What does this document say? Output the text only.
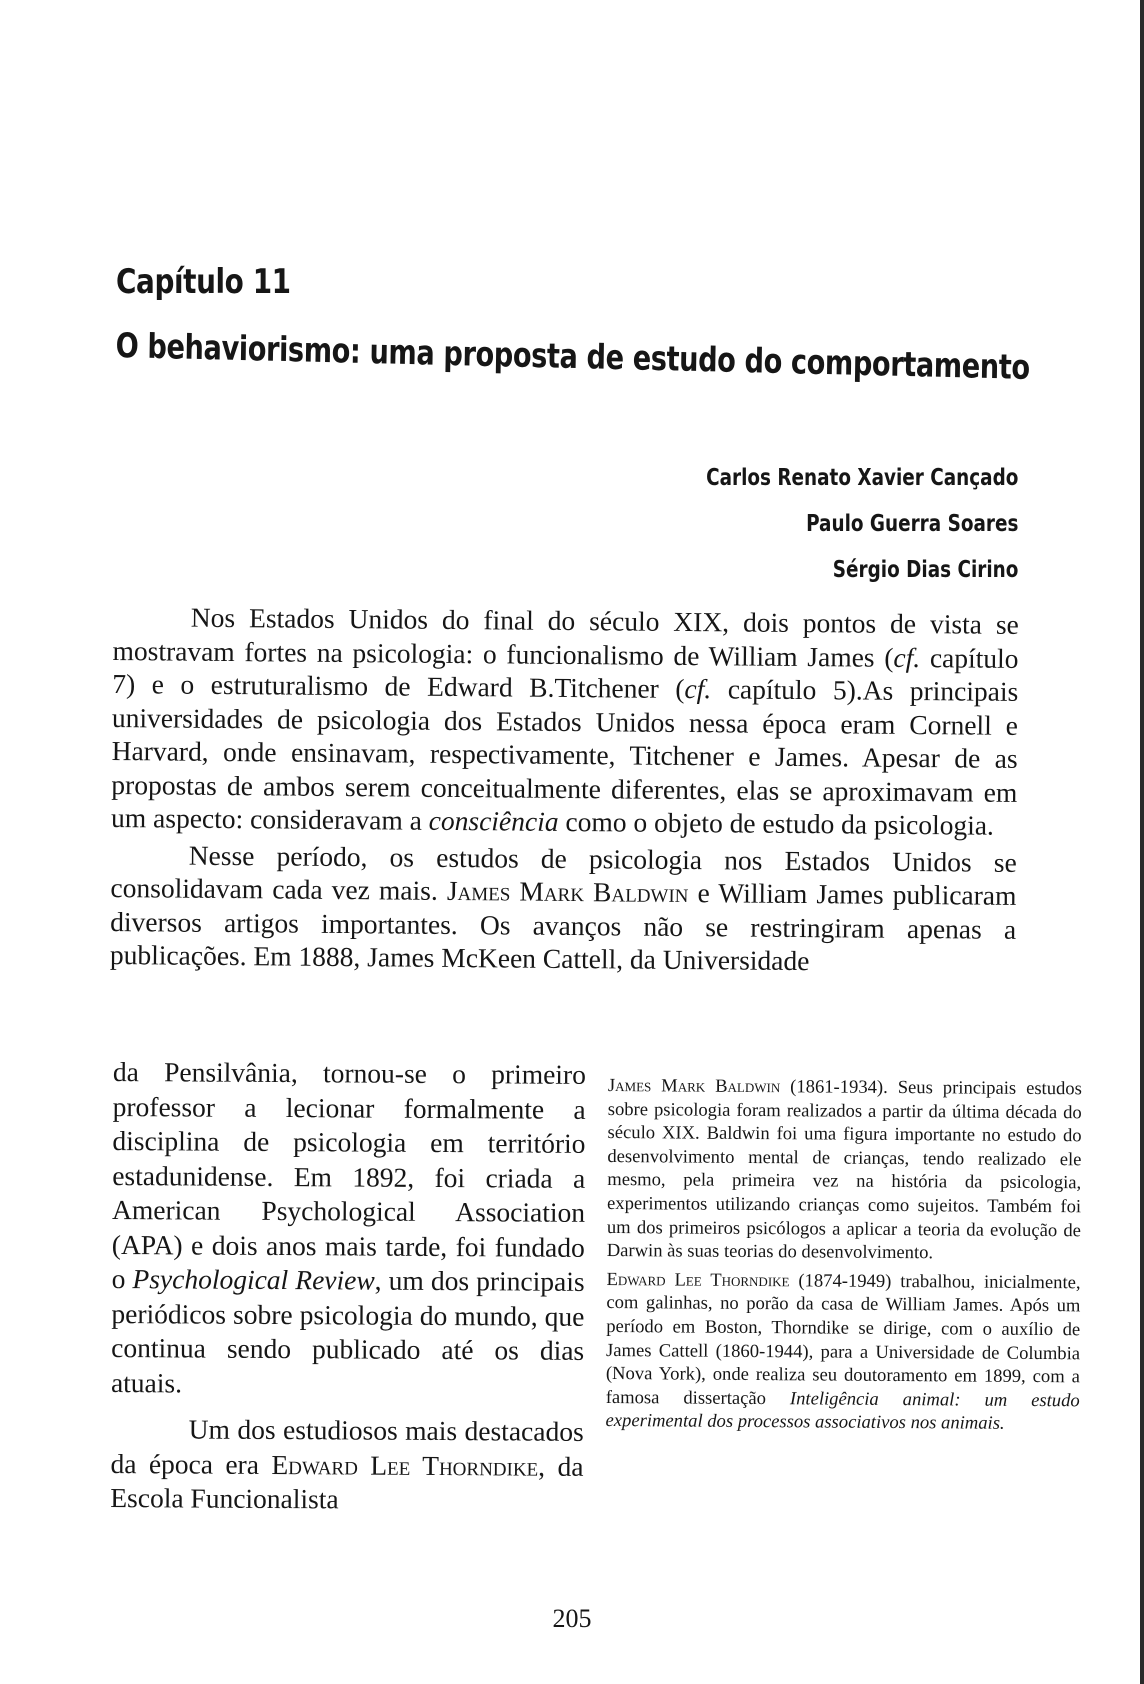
Capítulo 11
O behaviorismo: uma proposta de estudo do comportamento
Carlos Renato Xavier Cançado
Paulo Guerra Soares
Sérgio Dias Cirino

Nos Estados Unidos do final do século XIX, dois pontos de vista se mostravam fortes na psicologia: o funcionalismo de William James (cf. capítulo 7) e o estruturalismo de Edward B.Titchener (cf. capítulo 5).As principais universidades de psicologia dos Estados Unidos nessa época eram Cornell e Harvard, onde ensinavam, respectivamente, Titchener e James. Apesar de as propostas de ambos serem conceitualmente diferentes, elas se aproximavam em um aspecto: consideravam a consciência como o objeto de estudo da psicologia.

Nesse período, os estudos de psicologia nos Estados Unidos se consolidavam cada vez mais. James Mark Baldwin e William James publicaram diversos artigos importantes. Os avanços não se restringiram apenas a publicações. Em 1888, James McKeen Cattell, da Universidade

da Pensilvânia, tornou-se o primeiro professor a lecionar formalmente a disciplina de psicologia em território estadunidense. Em 1892, foi criada a American Psychological Association (APA) e dois anos mais tarde, foi fundado o Psychological Review, um dos principais periódicos sobre psicologia do mundo, que continua sendo publicado até os dias atuais.

Um dos estudiosos mais destacados da época era Edward Lee Thorndike, da Escola Funcionalista

James Mark Baldwin (1861-1934). Seus principais estudos sobre psicologia foram realizados a partir da última década do século XIX. Baldwin foi uma figura importante no estudo do desenvolvimento mental de crianças, tendo realizado ele mesmo, pela primeira vez na história da psicologia, experimentos utilizando crianças como sujeitos. Também foi um dos primeiros psicólogos a aplicar a teoria da evolução de Darwin às suas teorias do desenvolvimento.

Edward Lee Thorndike (1874-1949) trabalhou, inicialmente, com galinhas, no porão da casa de William James. Após um período em Boston, Thorndike se dirige, com o auxílio de James Cattell (1860-1944), para a Universidade de Columbia (Nova York), onde realiza seu doutoramento em 1899, com a famosa dissertação Inteligência animal: um estudo experimental dos processos associativos nos animais.

205
